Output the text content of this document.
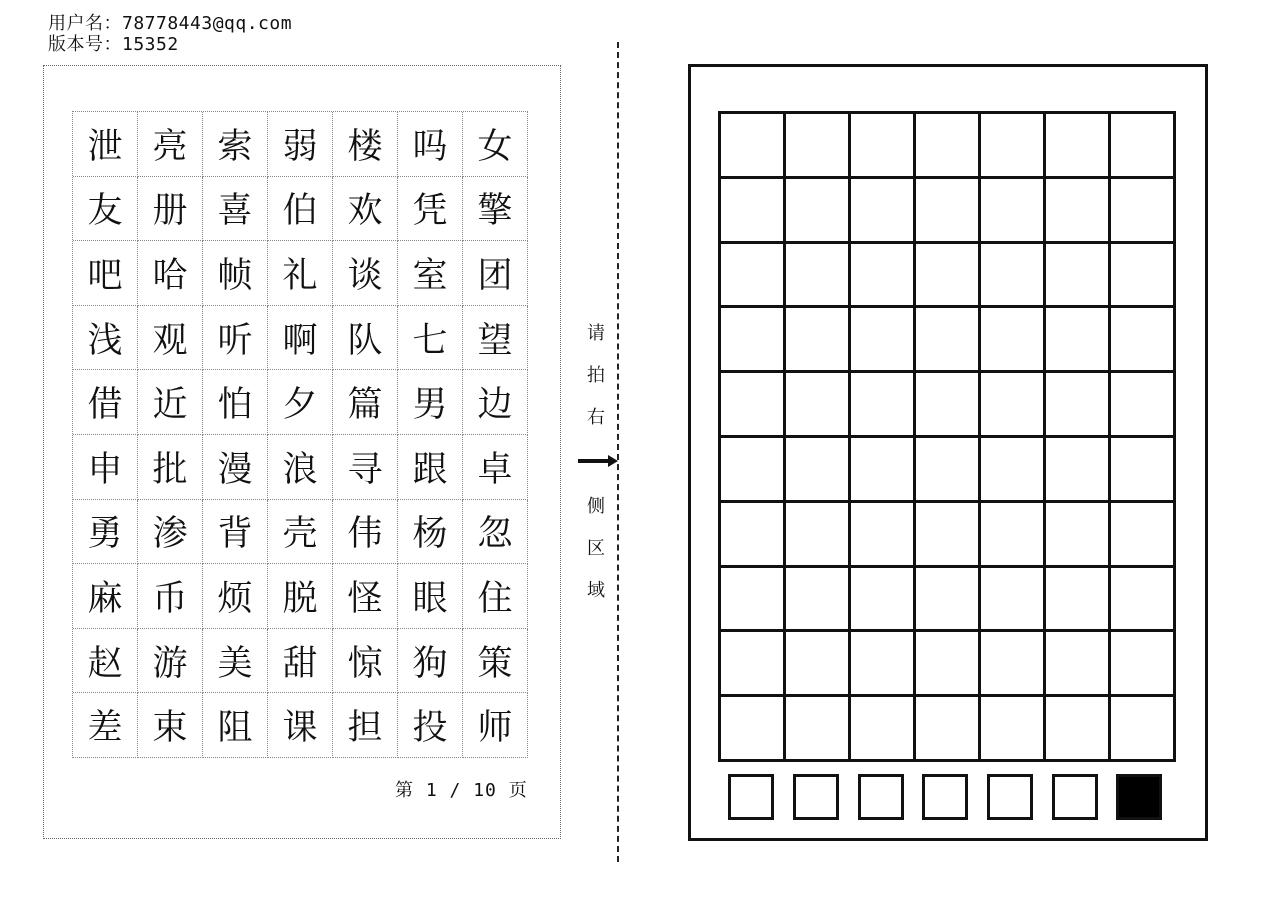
用户名：78778443@qq.com
版本号：15352
泄 亮 索 弱 楼 吗 女
友 册 喜 伯 欢 凭 擎
吧 哈 帧 礼 谈 室 团
浅 观 听 啊 队 七 望
借 近 怕 夕 篇 男 边
申 批 漫 浪 寻 跟 卓
勇 渗 背 壳 伟 杨 忽
麻 币 烦 脱 怪 眼 住
赵 游 美 甜 惊 狗 策
差 束 阻 课 担 投 师
第 1 / 10 页
请
拍
右
侧
区
域
